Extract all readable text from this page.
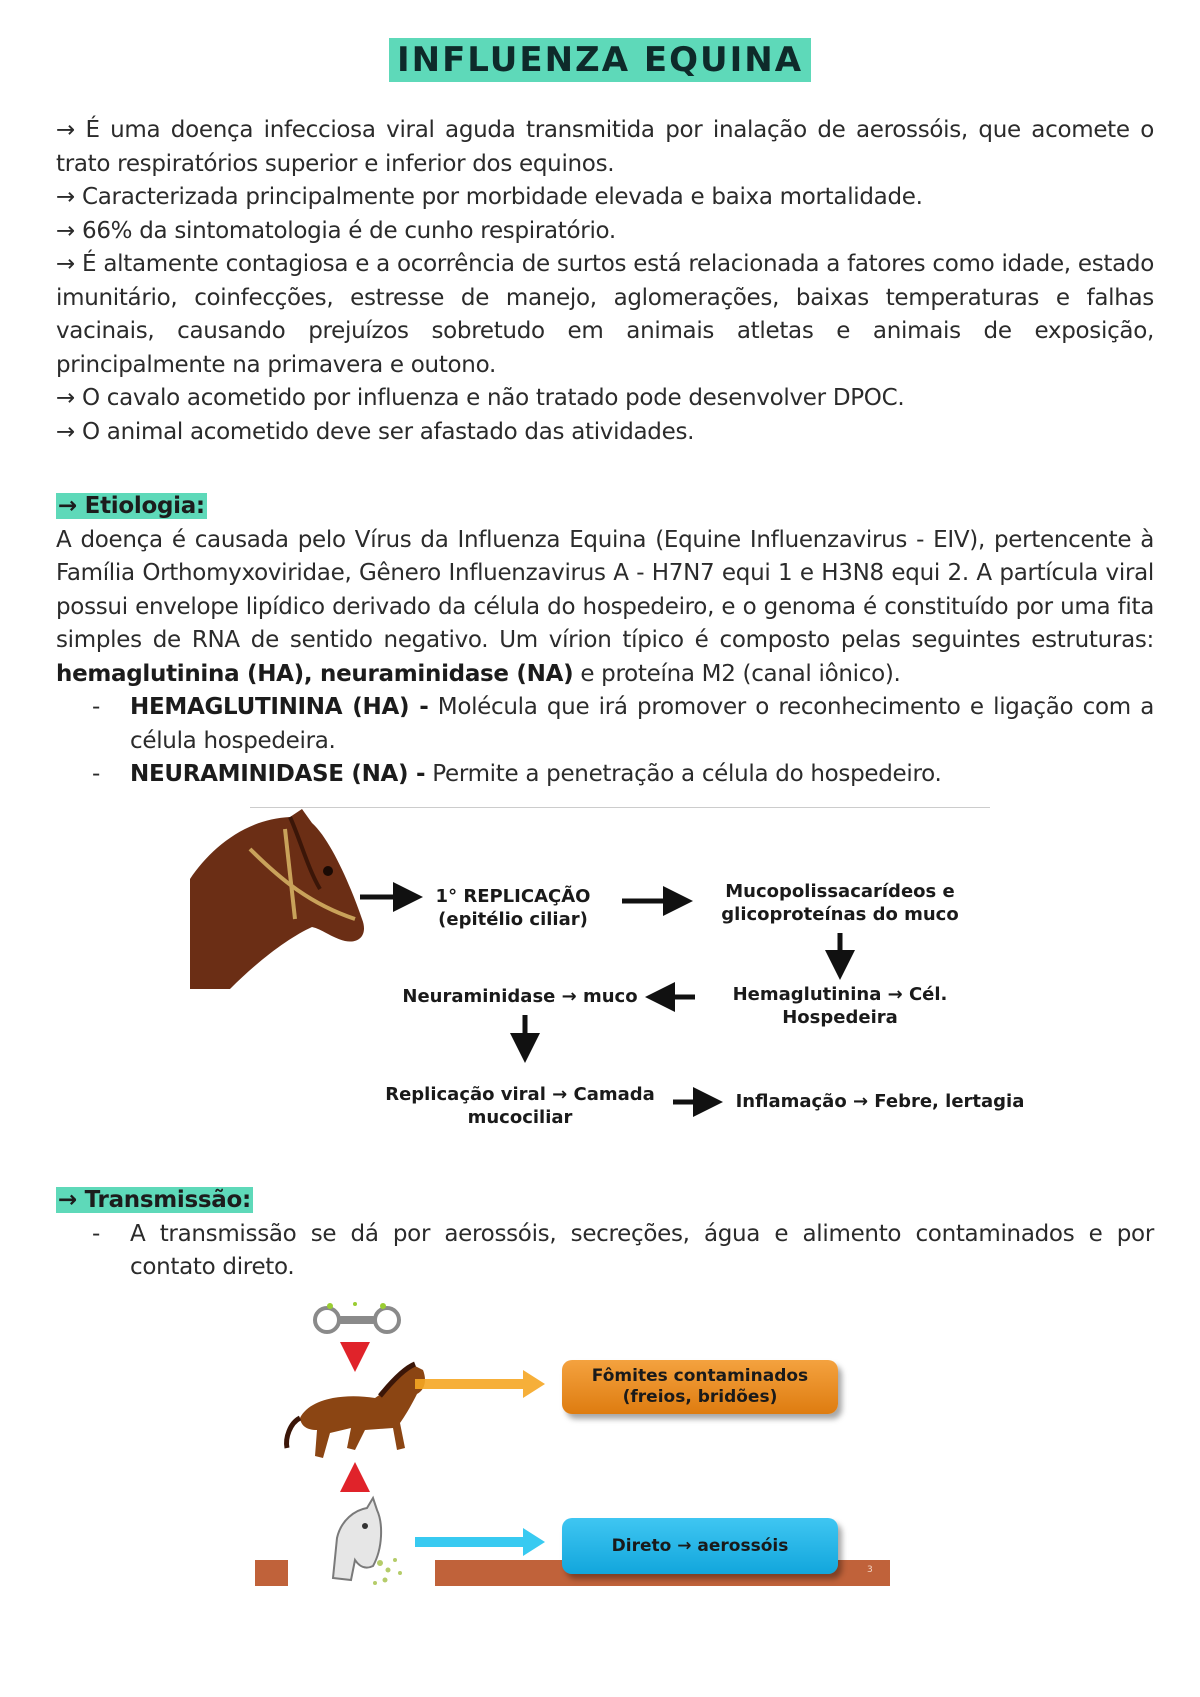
INFLUENZA EQUINA

→ É uma doença infecciosa viral aguda transmitida por inalação de aerossóis, que acomete o trato respiratórios superior e inferior dos equinos.

→ Caracterizada principalmente por morbidade elevada e baixa mortalidade.

→ 66% da sintomatologia é de cunho respiratório.

→ É altamente contagiosa e a ocorrência de surtos está relacionada a fatores como idade, estado imunitário, coinfecções, estresse de manejo, aglomerações, baixas temperaturas e falhas vacinais, causando prejuízos sobretudo em animais atletas e animais de exposição, principalmente na primavera e outono.

→ O cavalo acometido por influenza e não tratado pode desenvolver DPOC.

→ O animal acometido deve ser afastado das atividades.

→ Etiologia:

A doença é causada pelo Vírus da Influenza Equina (Equine Influenzavirus - EIV), pertencente à Família Orthomyxoviridae, Gênero Influenzavirus A - H7N7 equi 1 e H3N8 equi 2. A partícula viral possui envelope lipídico derivado da célula do hospedeiro, e o genoma é constituído por uma fita simples de RNA de sentido negativo. Um vírion típico é composto pelas seguintes estruturas: hemaglutinina (HA), neuraminidase (NA) e proteína M2 (canal iônico).

- HEMAGLUTININA (HA) - Molécula que irá promover o reconhecimento e ligação com a célula hospedeira.

- NEURAMINIDASE (NA) - Permite a penetração a célula do hospedeiro.

1° REPLICAÇÃO
(epitélio ciliar)
Mucopolissacarídeos e
glicoproteínas do muco
Hemaglutinina → Cél.
Hospedeira
Neuraminidase → muco
Replicação viral → Camada
mucociliar
Inflamação → Febre, lertagia

→ Transmissão:

- A transmissão se dá por aerossóis, secreções, água e alimento contaminados e por contato direto.

Fômites contaminados
(freios, bridões)
Direto → aerossóis
3
